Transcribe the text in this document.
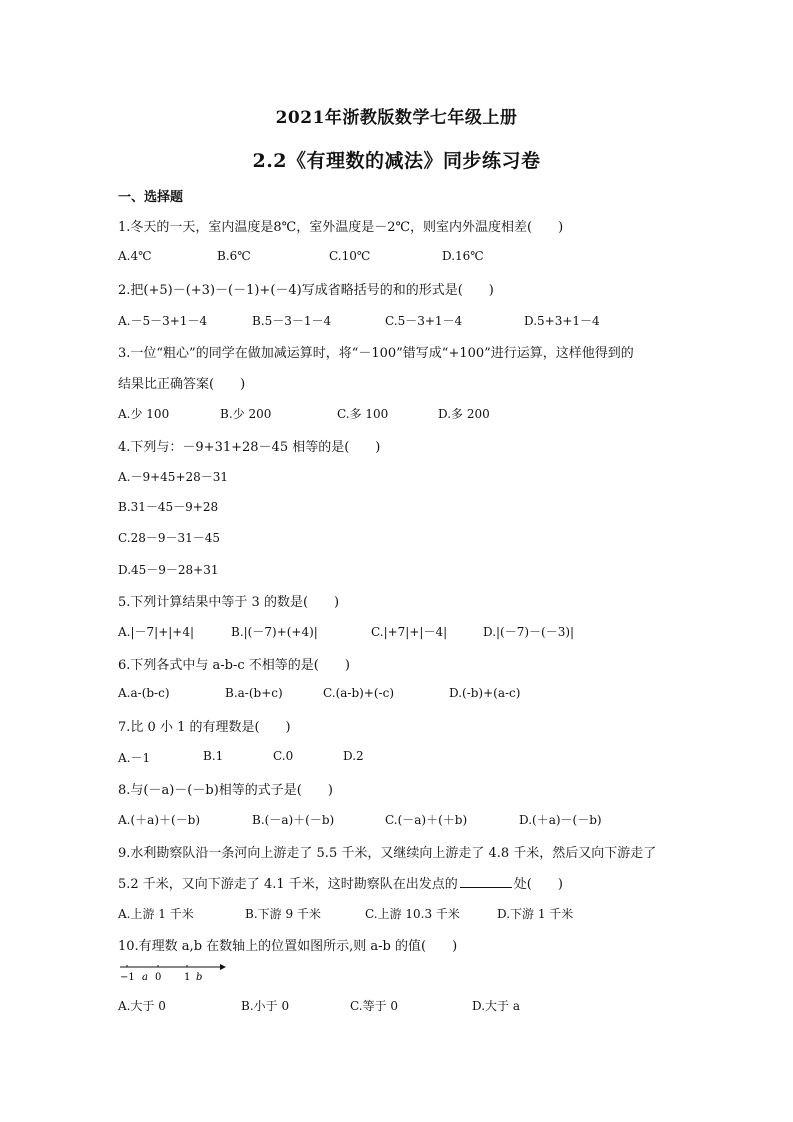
2021年浙教版数学七年级上册
2.2《有理数的减法》同步练习卷
一、选择题
1.冬天的一天，室内温度是8℃，室外温度是－2℃，则室内外温度相差(　　)
A.4℃	B.6℃	C.10℃	D.16℃
2.把(+5)－(+3)－(－1)+(－4)写成省略括号的和的形式是(　　)
A.－5－3+1－4	B.5－3－1－4	C.5－3+1－4	D.5+3+1－4
3.一位“粗心”的同学在做加减运算时，将“－100”错写成“+100”进行运算，这样他得到的
结果比正确答案(　　)
A.少 100	B.少 200	C.多 100	D.多 200
4.下列与：－9+31+28－45 相等的是(　　)
A.－9+45+28－31
B.31－45－9+28
C.28－9－31－45
D.45－9－28+31
5.下列计算结果中等于 3 的数是(　　)
A.|－7|+|+4|	B.|(－7)+(+4)|	C.|+7|+|－4|	D.|(－7)－(－3)|
6.下列各式中与 a-b-c 不相等的是(　　)
A.a-(b-c)	B.a-(b+c)	C.(a-b)+(-c)	D.(-b)+(a-c)
7.比 0 小 1 的有理数是(　　)
A.－1	B.1	C.0	D.2
8.与(－a)－(－b)相等的式子是(　　)
A.(＋a)＋(－b)	B.(－a)＋(－b)	C.(－a)＋(＋b)	D.(＋a)－(－b)
9.水利勘察队沿一条河向上游走了 5.5 千米，又继续向上游走了 4.8 千米，然后又向下游走了
5.2 千米，又向下游走了 4.1 千米，这时勘察队在出发点的	处(　　)
A.上游 1 千米	B.下游 9 千米	C.上游 10.3 千米	D.下游 1 千米
10.有理数 a,b 在数轴上的位置如图所示,则 a-b 的值(　　)
−1 a 0 1 b
A.大于 0	B.小于 0	C.等于 0	D.大于 a
